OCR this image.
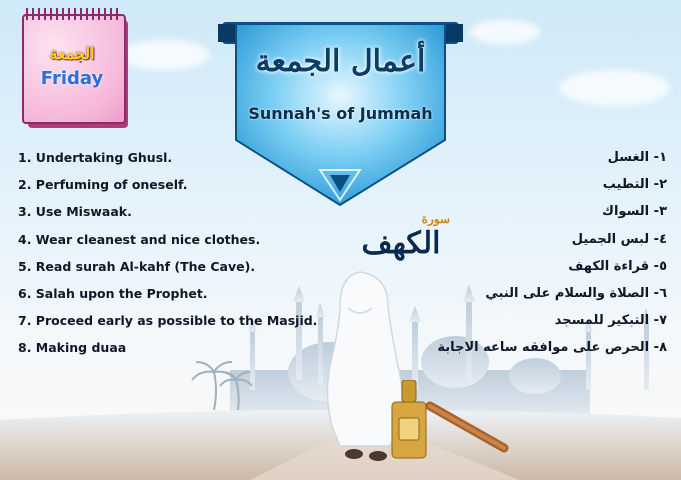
الجمعة
Friday	أعمال الجمعة
Sunnah's of Jummah
1. Undertaking Ghusl.
2. Perfuming of oneself.
3. Use Miswaak.
4. Wear cleanest and nice clothes.
5. Read surah Al-kahf (The Cave).
6. Salah upon the Prophet.
7. Proceed early as possible to the Masjid.
8. Making duaa
١- الغسل
٢- التطيب
٣- السواك
٤- لبس الجميل
٥- قراءة الكهف
٦- الصلاة والسلام على النبي
٧- التبكير للمسجد
٨- الحرص على موافقه ساعه الاجابة
سورة
الكهف
